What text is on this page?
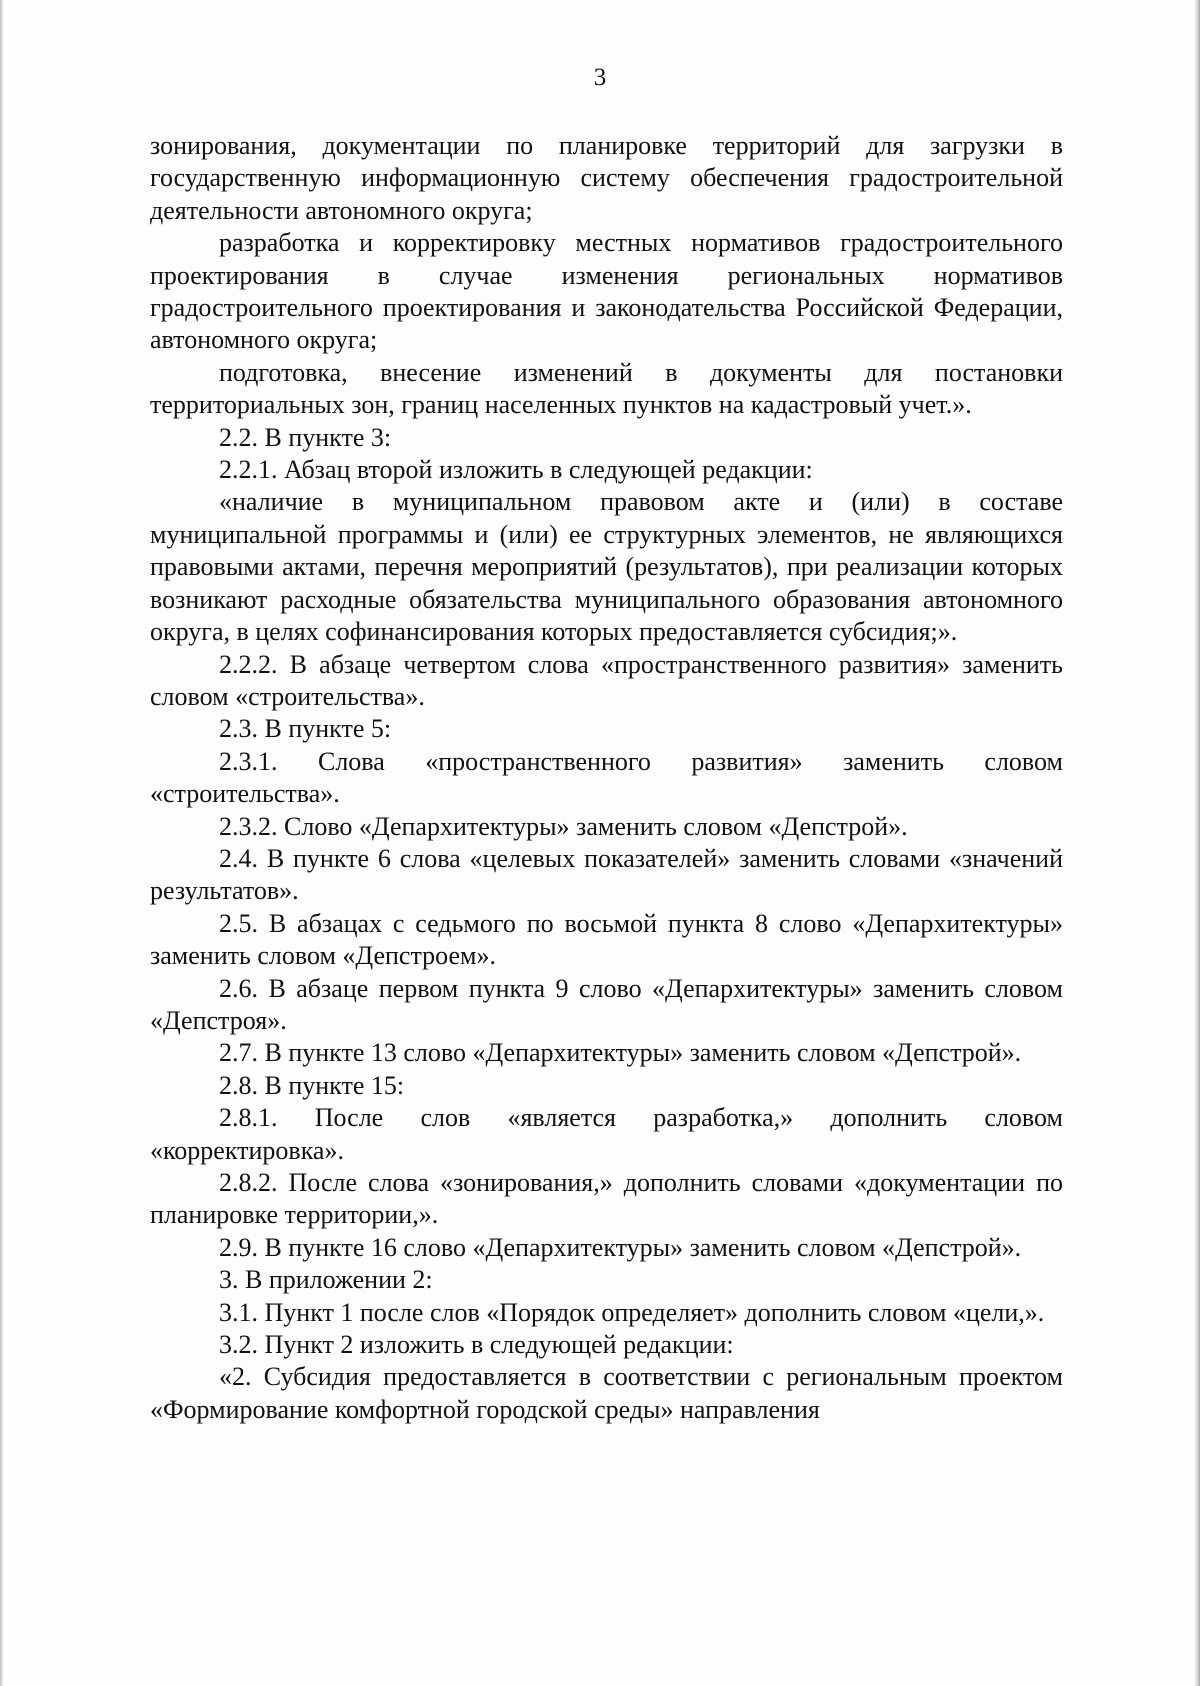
3

зонирования, документации по планировке территорий для загрузки в государственную информационную систему обеспечения градостроительной деятельности автономного округа;

разработка и корректировку местных нормативов градостроительного проектирования в случае изменения региональных нормативов градостроительного проектирования и законодательства Российской Федерации, автономного округа;

подготовка, внесение изменений в документы для постановки территориальных зон, границ населенных пунктов на кадастровый учет.».

2.2. В пункте 3:

2.2.1. Абзац второй изложить в следующей редакции:

«наличие в муниципальном правовом акте и (или) в составе муниципальной программы и (или) ее структурных элементов, не являющихся правовыми актами, перечня мероприятий (результатов), при реализации которых возникают расходные обязательства муниципального образования автономного округа, в целях софинансирования которых предоставляется субсидия;».

2.2.2. В абзаце четвертом слова «пространственного развития» заменить словом «строительства».

2.3. В пункте 5:

2.3.1. Слова «пространственного развития» заменить словом «строительства».

2.3.2. Слово «Депархитектуры» заменить словом «Депстрой».

2.4. В пункте 6 слова «целевых показателей» заменить словами «значений результатов».

2.5. В абзацах с седьмого по восьмой пункта 8 слово «Депархитектуры» заменить словом «Депстроем».

2.6. В абзаце первом пункта 9 слово «Депархитектуры» заменить словом «Депстроя».

2.7. В пункте 13 слово «Депархитектуры» заменить словом «Депстрой».

2.8. В пункте 15:

2.8.1. После слов «является разработка,» дополнить словом «корректировка».

2.8.2. После слова «зонирования,» дополнить словами «документации по планировке территории,».

2.9. В пункте 16 слово «Депархитектуры» заменить словом «Депстрой».

3. В приложении 2:

3.1. Пункт 1 после слов «Порядок определяет» дополнить словом «цели,».

3.2. Пункт 2 изложить в следующей редакции:

«2. Субсидия предоставляется в соответствии с региональным проектом «Формирование комфортной городской среды» направления
